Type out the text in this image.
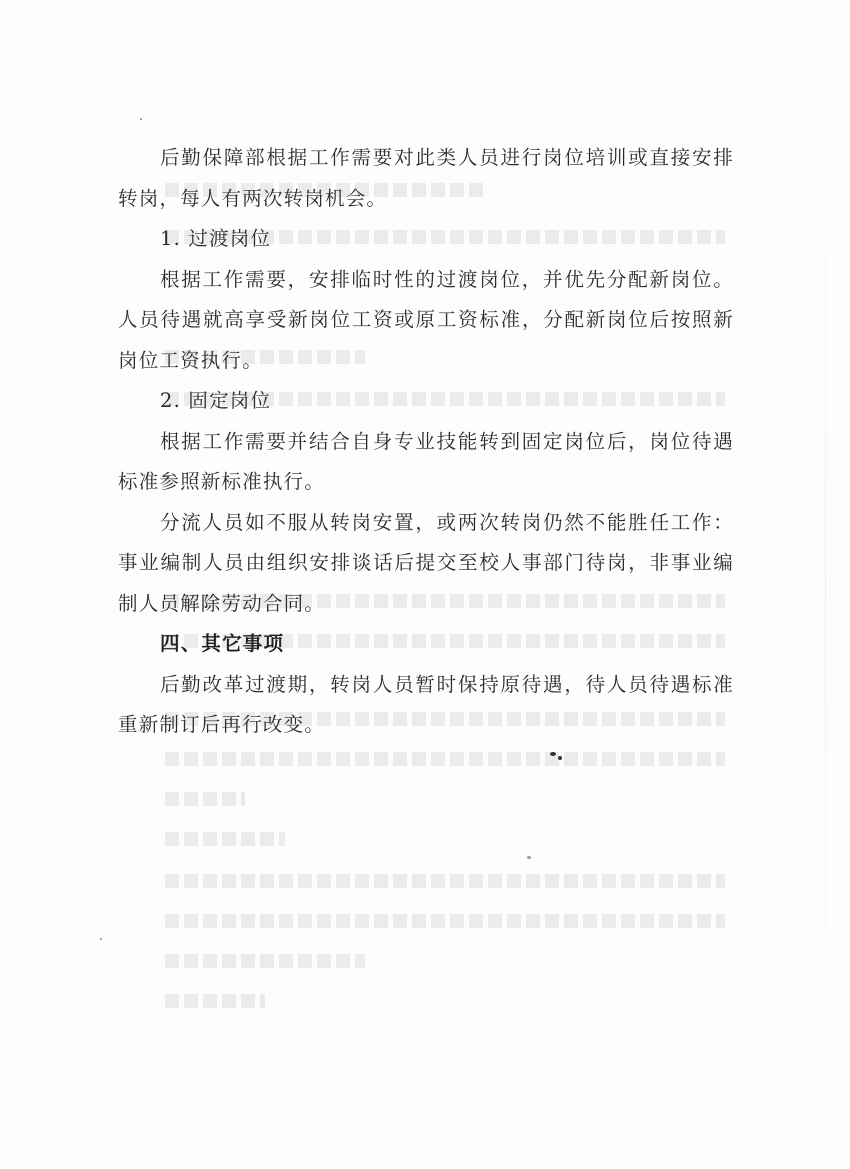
后勤保障部根据工作需要对此类人员进行岗位培训或直接安排转岗，每人有两次转岗机会。

1. 过渡岗位

根据工作需要，安排临时性的过渡岗位，并优先分配新岗位。人员待遇就高享受新岗位工资或原工资标准，分配新岗位后按照新岗位工资执行。

2. 固定岗位

根据工作需要并结合自身专业技能转到固定岗位后，岗位待遇标准参照新标准执行。

分流人员如不服从转岗安置，或两次转岗仍然不能胜任工作：事业编制人员由组织安排谈话后提交至校人事部门待岗，非事业编制人员解除劳动合同。

四、其它事项

后勤改革过渡期，转岗人员暂时保持原待遇，待人员待遇标准重新制订后再行改变。
